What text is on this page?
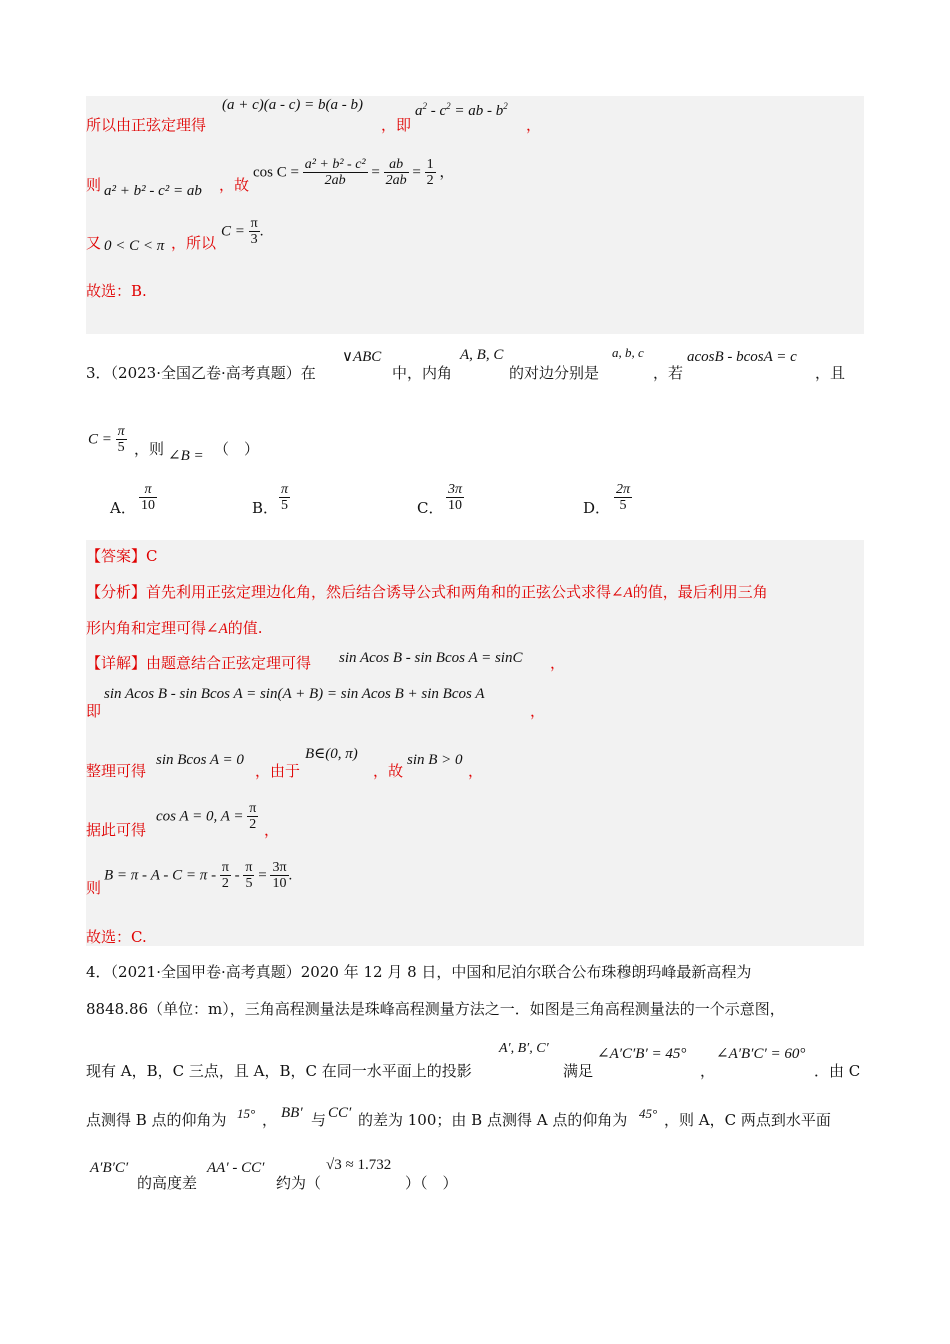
所以由正弦定理得
(a + c)(a - c) = b(a - b)
，即
$a^2 - c^2$ = ab - $b^2$
，
则 a² + b² - c² = ab ，故
$\cos C = \frac{\text{a² + b² - c²}}{2ab} = \frac{ab}{2ab} = \frac{1}{2}$ ，
又 0 < C < π ，所以
$C = \frac{\pi}{3}$ .
故选：B.
3．（2023·全国乙卷·高考真题）在
∨ABC
中，内角
A, B, C
的对边分别是
a, b, c
，若
acosB - bcosA = c
，且
$C = \frac{\pi}{5}$ ，则 ∠B = （　）
A． $\frac{\pi}{10}$	B． $\frac{\pi}{5}$	C． $\frac{3\pi}{10}$	D． $\frac{2\pi}{5}$
【答案】C
【分析】首先利用正弦定理边化角，然后结合诱导公式和两角和的正弦公式求得∠A的值，最后利用三角
形内角和定理可得∠A的值.
【详解】由题意结合正弦定理可得 sin Acos B - sin Bcos A = sinC ，
即
sin Acos B - sin Bcos A = sin(A + B) = sin Acos B + sin Bcos A
，
整理可得
sin Bcos A = 0
，由于
B∈(0, π)
，故
sin B > 0
，
据此可得
cos A = 0, $A = \frac{\pi}{2}$ ，
则
$B = \pi - A - C = \pi - \frac{\pi}{2} - \frac{\pi}{5} = \frac{3\pi}{10}$ .
故选：C.
4．（2021·全国甲卷·高考真题）2020 年 12 月 8 日，中国和尼泊尔联合公布珠穆朗玛峰最新高程为
8848.86（单位：m），三角高程测量法是珠峰高程测量方法之一．如图是三角高程测量法的一个示意图，
现有 A，B，C 三点，且 A，B，C 在同一水平面上的投影
A′, B′, C′
满足
∠A′C′B′ = 45°
，
∠A′B′C′ = 60°
．由 C
点测得 B 点的仰角为 15° ， BB′ 与 CC′ 的差为 100；由 B 点测得 A 点的仰角为 45° ，则 A，C 两点到水平面
A′B′C′
的高度差
AA′ - CC′
约为（
√3 ≈ 1.732
）（　）
